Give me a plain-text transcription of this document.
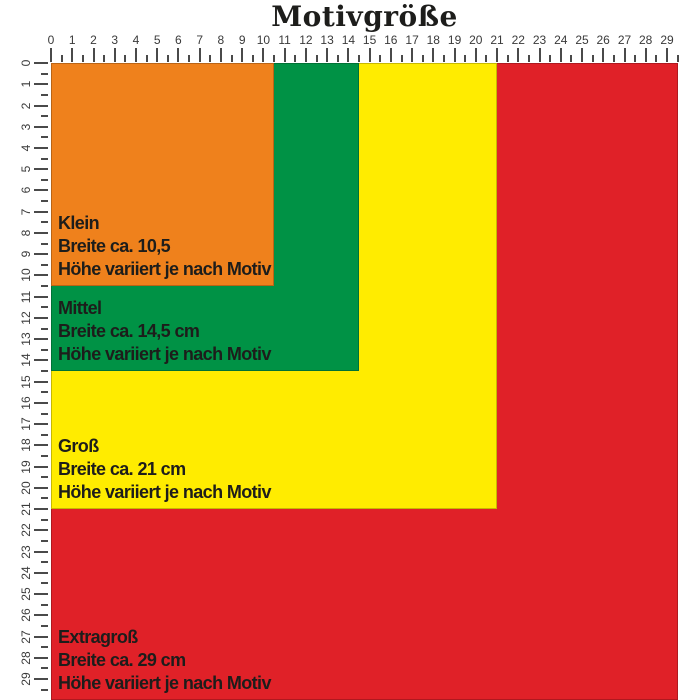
Motivgröße
Extragroß
Breite ca. 29 cm
Höhe variiert je nach Motiv
Groß
Breite ca. 21 cm
Höhe variiert je nach Motiv
Mittel
Breite ca. 14,5 cm
Höhe variiert je nach Motiv
Klein
Breite ca. 10,5
Höhe variiert je nach Motiv
0	1	2	3	4	5	6	7	8	9 10 11 12 13 14 15 16 17 18 19 20 21 22 23 24 25 26 27 28 29
0
1
2
3
4
5
6
7
8
9
10
11
12
13
14
15
16
17
18
19
20
21
22
23
24
25
26
27
28
29
